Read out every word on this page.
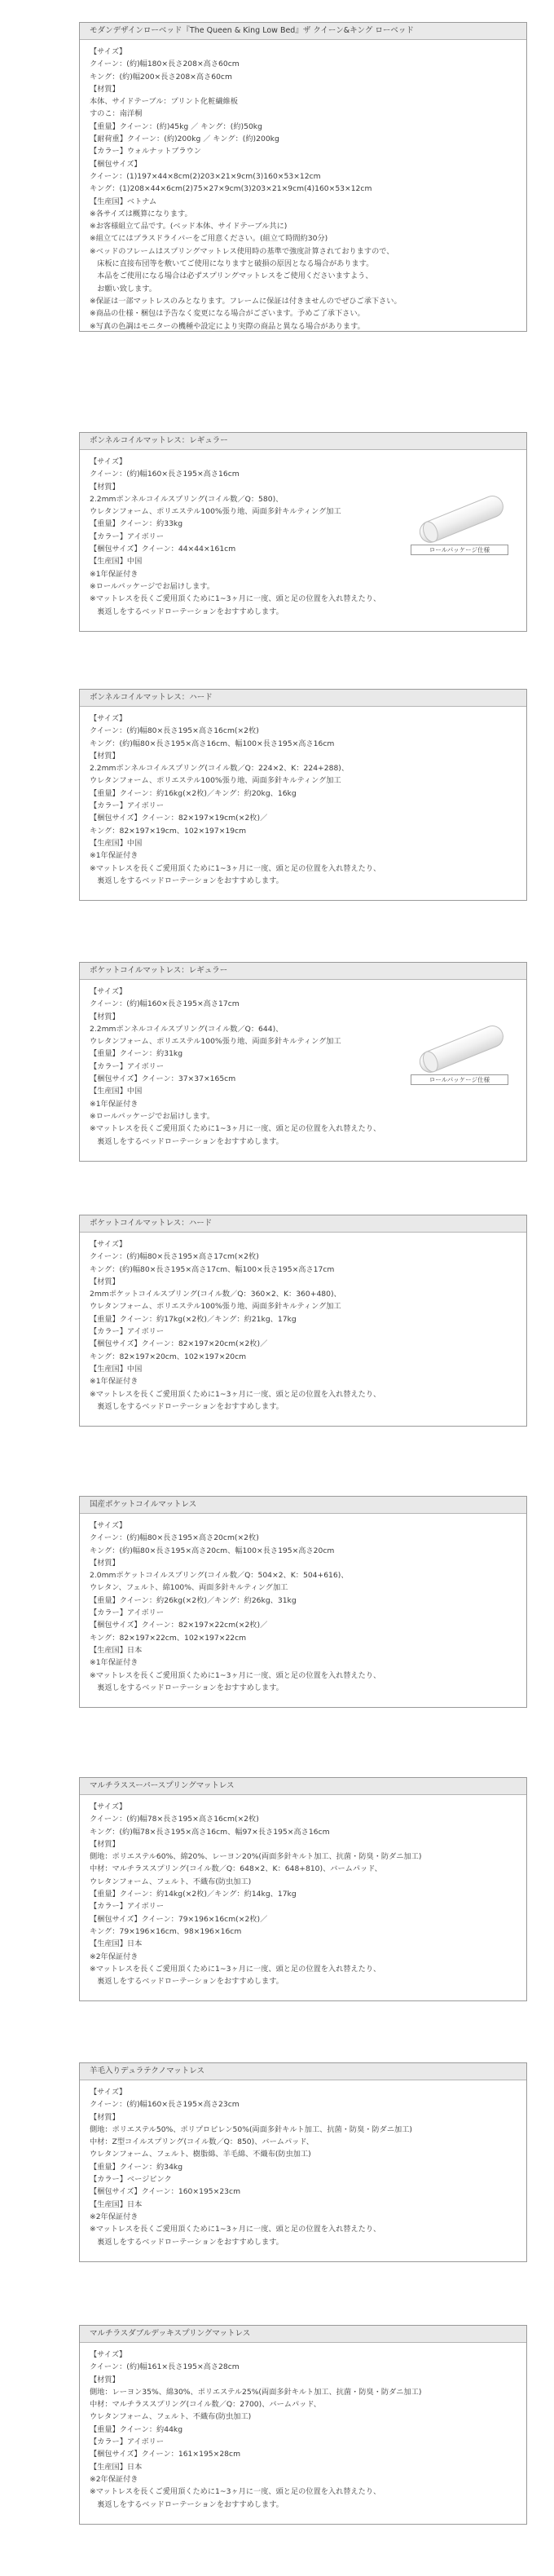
モダンデザインローベッド『The Queen & King Low Bed』ザ クイーン&キング ローベッド
【サイズ】
クイーン：(約)幅180×長さ208×高さ60cm
キング：(約)幅200×長さ208×高さ60cm
【材質】
本体、サイドテーブル：プリント化粧繊維板
すのこ：南洋桐
【重量】クイーン：(約)45kg ／ キング：(約)50kg
【耐荷重】クイーン：(約)200kg ／ キング：(約)200kg
【カラー】ウォルナットブラウン
【梱包サイズ】
クイーン：(1)197×44×8cm(2)203×21×9cm(3)160×53×12cm
キング：(1)208×44×6cm(2)75×27×9cm(3)203×21×9cm(4)160×53×12cm
【生産国】ベトナム
※各サイズは概算になります。
※お客様組立て品です。(ベッド本体、サイドテーブル共に)
※組立てにはプラスドライバーをご用意ください。(組立て時間約30分)
※ベッドのフレームはスプリングマットレス使用時の基準で強度計算されておりますので、
　床板に直接布団等を敷いてご使用になりますと破損の原因となる場合があります。
　本品をご使用になる場合は必ずスプリングマットレスをご使用くださいますよう、
　お願い致します。
※保証は一部マットレスのみとなります。フレームに保証は付きませんのでぜひご承下さい。
※商品の仕様・梱包は予告なく変更になる場合がございます。予めご了承下さい。
※写真の色調はモニターの機種や設定により実際の商品と異なる場合があります。
ボンネルコイルマットレス：レギュラー
【サイズ】
クイーン：(約)幅160×長さ195×高さ16cm
【材質】
2.2mmボンネルコイルスプリング(コイル数／Q：580)、
ウレタンフォーム、ポリエステル100%張り地、両面多針キルティング加工
【重量】クイーン：約33kg
【カラー】アイボリー
【梱包サイズ】クイーン：44×44×161cm
【生産国】中国
※1年保証付き
※ロールパッケージでお届けします。
※マットレスを長くご愛用頂くために1~3ヶ月に一度、頭と足の位置を入れ替えたり、
　裏返しをするベッドローテーションをおすすめします。
ロールパッケージ仕様
ボンネルコイルマットレス：ハード
【サイズ】
クイーン：(約)幅80×長さ195×高さ16cm(×2枚)
キング：(約)幅80×長さ195×高さ16cm、幅100×長さ195×高さ16cm
【材質】
2.2mmボンネルコイルスプリング(コイル数／Q：224×2、K：224+288)、
ウレタンフォーム、ポリエステル100%張り地、両面多針キルティング加工
【重量】クイーン：約16kg(×2枚)／キング：約20kg、16kg
【カラー】アイボリー
【梱包サイズ】クイーン：82×197×19cm(×2枚)／
キング：82×197×19cm、102×197×19cm
【生産国】中国
※1年保証付き
※マットレスを長くご愛用頂くために1~3ヶ月に一度、頭と足の位置を入れ替えたり、
　裏返しをするベッドローテーションをおすすめします。
ポケットコイルマットレス：レギュラー
【サイズ】
クイーン：(約)幅160×長さ195×高さ17cm
【材質】
2.2mmボンネルコイルスプリング(コイル数／Q：644)、
ウレタンフォーム、ポリエステル100%張り地、両面多針キルティング加工
【重量】クイーン：約31kg
【カラー】アイボリー
【梱包サイズ】クイーン：37×37×165cm
【生産国】中国
※1年保証付き
※ロールパッケージでお届けします。
※マットレスを長くご愛用頂くために1~3ヶ月に一度、頭と足の位置を入れ替えたり、
　裏返しをするベッドローテーションをおすすめします。
ロールパッケージ仕様
ポケットコイルマットレス：ハード
【サイズ】
クイーン：(約)幅80×長さ195×高さ17cm(×2枚)
キング：(約)幅80×長さ195×高さ17cm、幅100×長さ195×高さ17cm
【材質】
2mmポケットコイルスプリング(コイル数／Q：360×2、K：360+480)、
ウレタンフォーム、ポリエステル100%張り地、両面多針キルティング加工
【重量】クイーン：約17kg(×2枚)／キング：約21kg、17kg
【カラー】アイボリー
【梱包サイズ】クイーン：82×197×20cm(×2枚)／
キング：82×197×20cm、102×197×20cm
【生産国】中国
※1年保証付き
※マットレスを長くご愛用頂くために1~3ヶ月に一度、頭と足の位置を入れ替えたり、
　裏返しをするベッドローテーションをおすすめします。
国産ポケットコイルマットレス
【サイズ】
クイーン：(約)幅80×長さ195×高さ20cm(×2枚)
キング：(約)幅80×長さ195×高さ20cm、幅100×長さ195×高さ20cm
【材質】
2.0mmポケットコイルスプリング(コイル数／Q：504×2、K：504+616)、
ウレタン、フェルト、綿100%、両面多針キルティング加工
【重量】クイーン：約26kg(×2枚)／キング：約26kg、31kg
【カラー】アイボリー
【梱包サイズ】クイーン：82×197×22cm(×2枚)／
キング：82×197×22cm、102×197×22cm
【生産国】日本
※1年保証付き
※マットレスを長くご愛用頂くために1~3ヶ月に一度、頭と足の位置を入れ替えたり、
　裏返しをするベッドローテーションをおすすめします。
マルチラススーパースプリングマットレス
【サイズ】
クイーン：(約)幅78×長さ195×高さ16cm(×2枚)
キング：(約)幅78×長さ195×高さ16cm、幅97×長さ195×高さ16cm
【材質】
側地：ポリエステル60%、綿20%、レーヨン20%(両面多針キルト加工、抗菌・防臭・防ダニ加工)
中材：マルチラススプリング(コイル数／Q：648×2、K：648+810)、バームパッド、
ウレタンフォーム、フェルト、不織布(防虫加工)
【重量】クイーン：約14kg(×2枚)／キング：約14kg、17kg
【カラー】アイボリー
【梱包サイズ】クイーン：79×196×16cm(×2枚)／
キング：79×196×16cm、98×196×16cm
【生産国】日本
※2年保証付き
※マットレスを長くご愛用頂くために1~3ヶ月に一度、頭と足の位置を入れ替えたり、
　裏返しをするベッドローテーションをおすすめします。
羊毛入りデュラテクノマットレス
【サイズ】
クイーン：(約)幅160×長さ195×高さ23cm
【材質】
側地：ポリエステル50%、ポリプロピレン50%(両面多針キルト加工、抗菌・防臭・防ダニ加工)
中材：Z型コイルスプリング(コイル数／Q：850)、バームパッド、
ウレタンフォーム、フェルト、樹脂綿、羊毛綿、不織布(防虫加工)
【重量】クイーン：約34kg
【カラー】ベージピンク
【梱包サイズ】クイーン：160×195×23cm
【生産国】日本
※2年保証付き
※マットレスを長くご愛用頂くために1~3ヶ月に一度、頭と足の位置を入れ替えたり、
　裏返しをするベッドローテーションをおすすめします。
マルチラスダブルデッキスプリングマットレス
【サイズ】
クイーン：(約)幅161×長さ195×高さ28cm
【材質】
側地：レーヨン35%、綿30%、ポリエステル25%(両面多針キルト加工、抗菌・防臭・防ダニ加工)
中材：マルチラススプリング(コイル数／Q：2700)、バームパッド、
ウレタンフォーム、フェルト、不織布(防虫加工)
【重量】クイーン：約44kg
【カラー】アイボリー
【梱包サイズ】クイーン：161×195×28cm
【生産国】日本
※2年保証付き
※マットレスを長くご愛用頂くために1~3ヶ月に一度、頭と足の位置を入れ替えたり、
　裏返しをするベッドローテーションをおすすめします。
